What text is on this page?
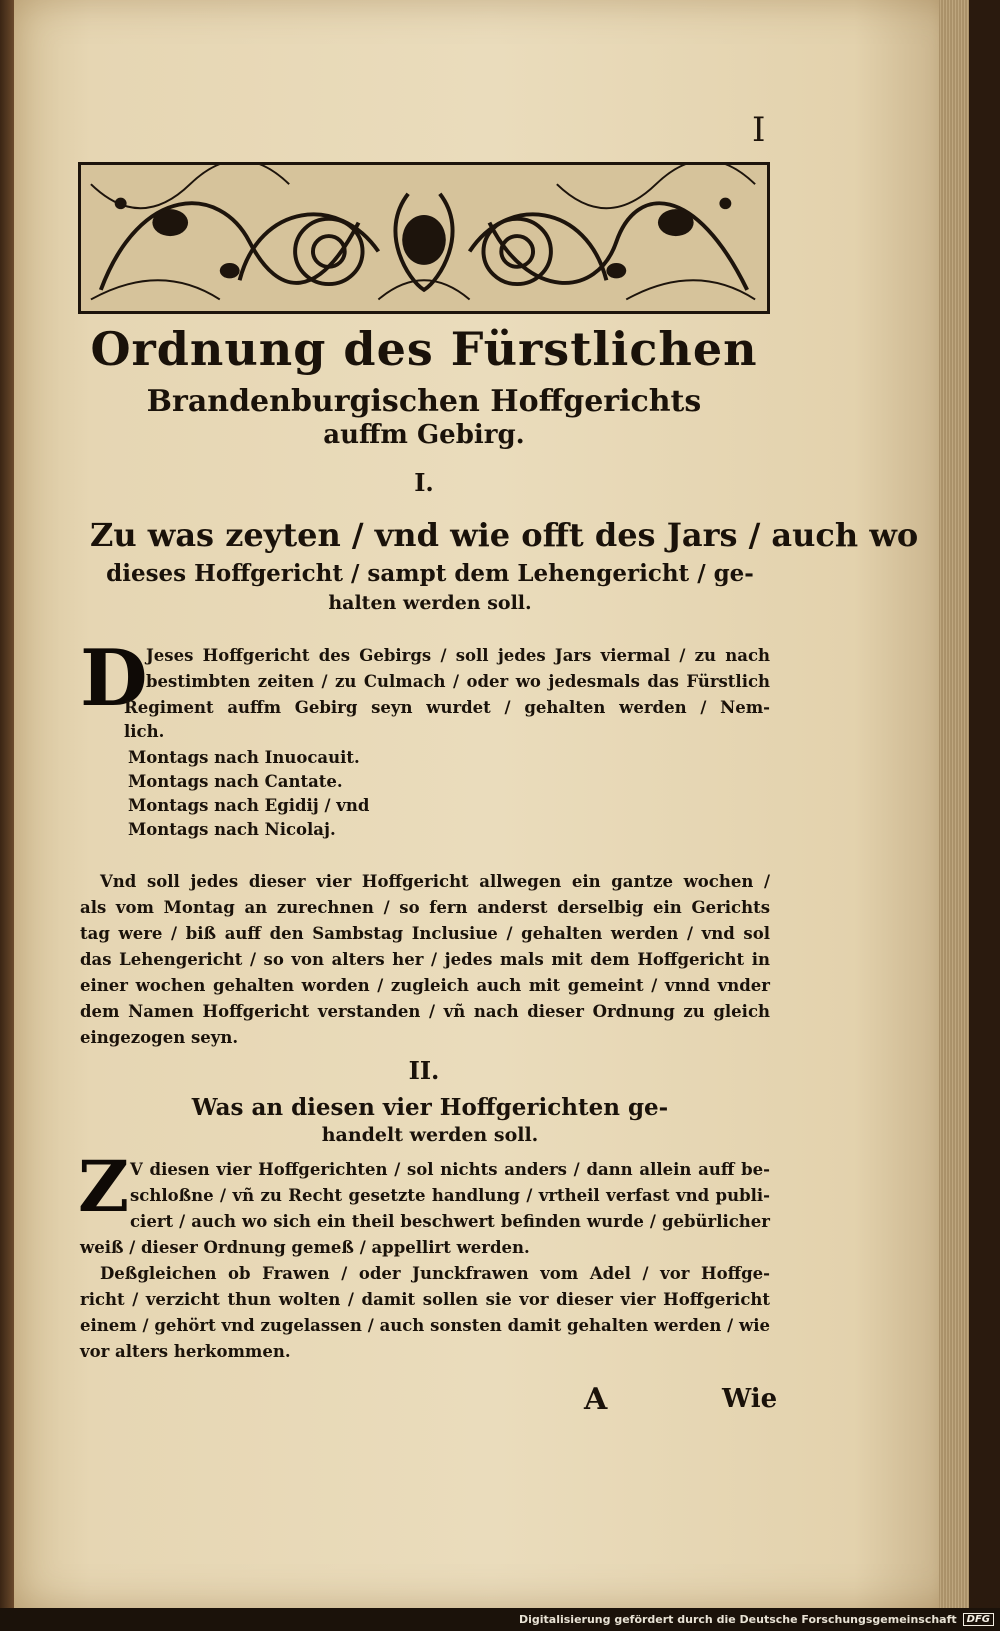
I
Ordnung des Fürstlichen
Brandenburgischen Hoffgerichts
auffm Gebirg.
I.

Zu was zeyten / vnd wie offt des Jars / auch wo

dieses Hoffgericht / sampt dem Lehengericht / ge-

halten werden soll.

D

Jeses Hoffgericht des Gebirgs / soll jedes Jars viermal / zu nach

bestimbten zeiten / zu Culmach / oder wo jedesmals das Fürstlich

Regiment auffm Gebirg seyn wurdet / gehalten werden / Nem-

lich.

Montags nach Inuocauit.

Montags nach Cantate.

Montags nach Egidij / vnd

Montags nach Nicolaj.

Vnd soll jedes dieser vier Hoffgericht allwegen ein gantze wochen /

als vom Montag an zurechnen / so fern anderst derselbig ein Gerichts

tag were / biß auff den Sambstag Inclusiue / gehalten werden / vnd sol

das Lehengericht / so von alters her / jedes mals mit dem Hoffgericht in

einer wochen gehalten worden / zugleich auch mit gemeint / vnnd vnder

dem Namen Hoffgericht verstanden / vñ nach dieser Ordnung zu gleich

eingezogen seyn.

II.

Was an diesen vier Hoffgerichten ge-

handelt werden soll.

Z V diesen vier Hoffgerichten / sol nichts anders / dann allein auff be-

schloßne / vñ zu Recht gesetzte handlung / vrtheil verfast vnd publi-

ciert / auch wo sich ein theil beschwert befinden wurde / gebürlicher

weiß / dieser Ordnung gemeß / appellirt werden.

Deßgleichen ob Frawen / oder Junckfrawen vom Adel / vor Hoffge-

richt / verzicht thun wolten / damit sollen sie vor dieser vier Hoffgericht

einem / gehört vnd zugelassen / auch sonsten damit gehalten werden / wie

vor alters herkommen.

A	Wie
Digitalisierung gefördert durch die Deutsche Forschungsgemeinschaft	DFG
